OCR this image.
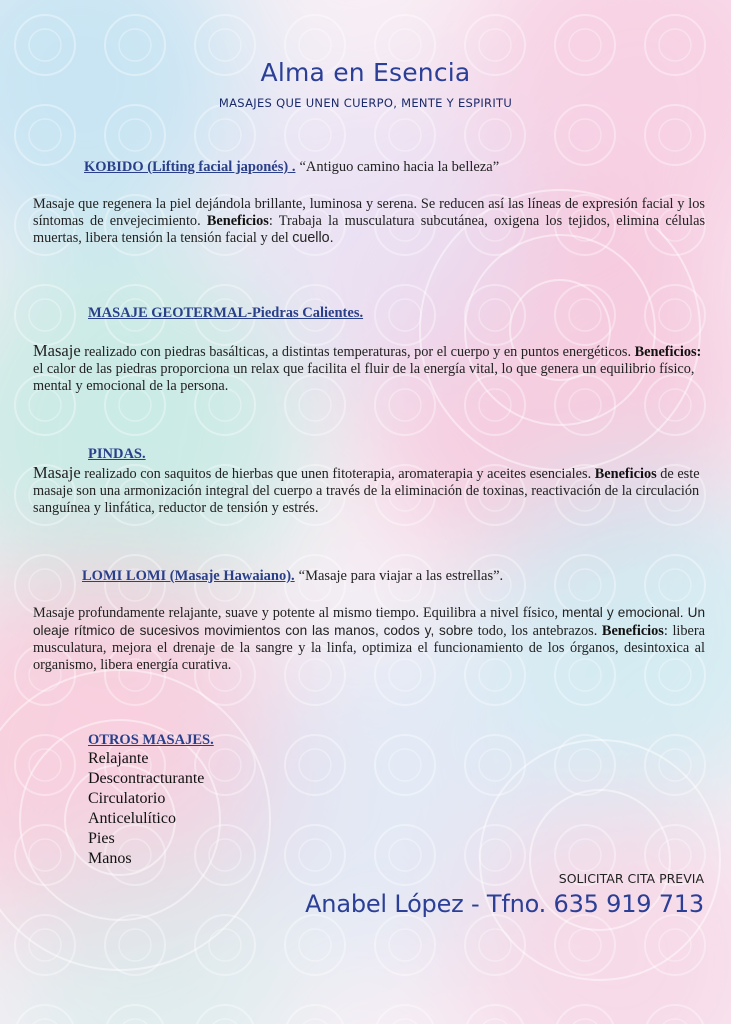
Alma en Esencia
MASAJES QUE UNEN CUERPO, MENTE Y ESPIRITU
KOBIDO (Lifting facial japonés) . “Antiguo camino hacia la belleza”
Masaje que regenera la piel dejándola brillante, luminosa y serena. Se reducen así las líneas de expresión facial y los síntomas de envejecimiento. Beneficios: Trabaja la musculatura subcutánea, oxigena los tejidos, elimina células muertas, libera tensión la tensión facial y del cuello.
MASAJE GEOTERMAL-Piedras Calientes.
Masaje realizado con piedras basálticas, a distintas temperaturas, por el cuerpo y en puntos energéticos. Beneficios: el calor de las piedras proporciona un relax que facilita el fluir de la energía vital, lo que genera un equilibrio físico, mental y emocional de la persona.
PINDAS.
Masaje realizado con saquitos de hierbas que unen fitoterapia, aromaterapia y aceites esenciales. Beneficios de este masaje son una armonización integral del cuerpo a través de la eliminación de toxinas, reactivación de la circulación sanguínea y linfática, reductor de tensión y estrés.
LOMI LOMI (Masaje Hawaiano). “Masaje para viajar a las estrellas”.
Masaje profundamente relajante, suave y potente al mismo tiempo. Equilibra a nivel físico, mental y emocional. Un oleaje rítmico de sucesivos movimientos con las manos, codos y, sobre todo, los antebrazos. Beneficios: libera musculatura, mejora el drenaje de la sangre y la linfa, optimiza el funcionamiento de los órganos, desintoxica al organismo, libera energía curativa.
OTROS MASAJES.
Relajante
Descontracturante
Circulatorio
Anticelulítico
Pies
Manos
SOLICITAR CITA PREVIA
Anabel López - Tfno. 635 919 713
